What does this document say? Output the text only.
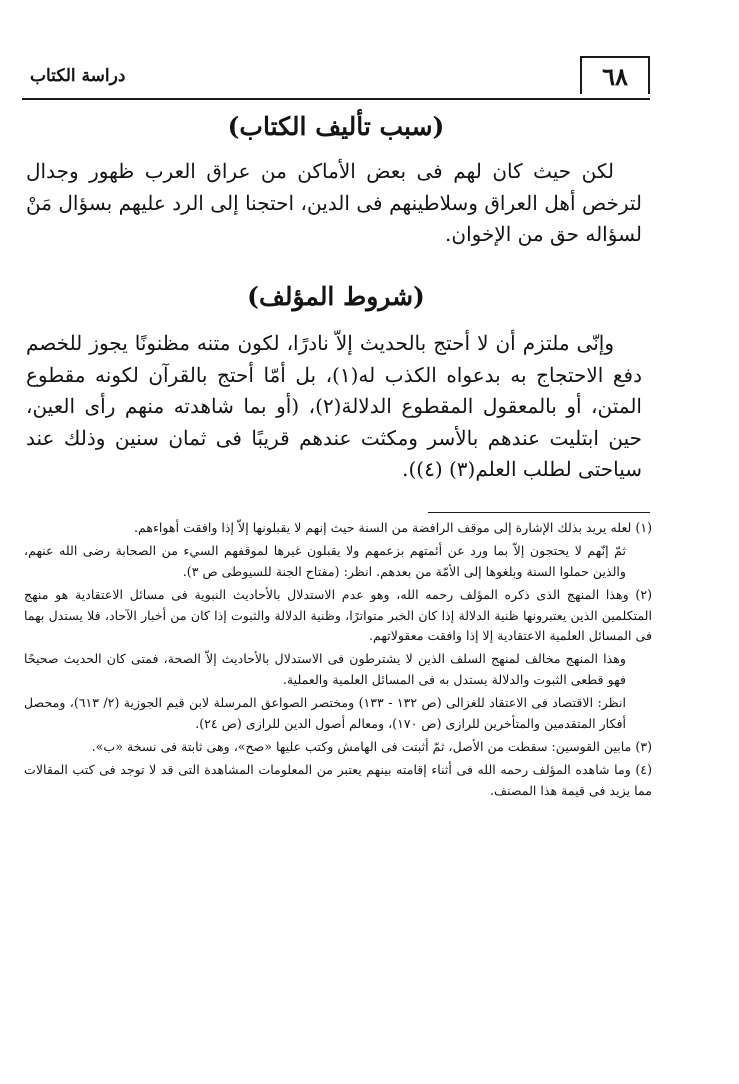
٦٨
دراسة الكتاب
(سبب تأليف الكتاب)

لكن حيث كان لهم فى بعض الأماكن من عراق العرب ظهور وجدال لترخص أهل العراق وسلاطينهم فى الدين، احتجنا إلى الرد عليهم بسؤال مَنْ لسؤاله حق من الإخوان.

(شروط المؤلف)

وإنّى ملتزم أن لا أحتج بالحديث إلاّ نادرًا، لكون متنه مظنونًا يجوز للخصم دفع الاحتجاج به بدعواه الكذب له(١)، بل أمّا أحتج بالقرآن لكونه مقطوع المتن، أو بالمعقول المقطوع الدلالة(٢)، (أو بما شاهدته منهم رأى العين، حين ابتليت عندهم بالأسر ومكثت عندهم قريبًا فى ثمان سنين وذلك عند سياحتى لطلب العلم(٣) (٤)).

(١) لعله يريد بذلك الإشارة إلى موقف الرافضة من السنة حيث إنهم لا يقبلونها إلاّ إذا وافقت أهواءهم.

ثمّ إنّهم لا يحتجون إلاّ بما ورد عن أئمتهم بزعمهم ولا يقبلون غيرها لموقفهم السيء من الصحابة رضى الله عنهم، والذين حملوا السنة وبلغوها إلى الأمّة من بعدهم. انظر: (مفتاح الجنة للسيوطى ص ٣).

(٢) وهذا المنهج الذى ذكره المؤلف رحمه الله، وهو عدم الاستدلال بالأحاديث النبوية فى مسائل الاعتقادية هو منهج المتكلمين الذين يعتبرونها ظنية الدلالة إذا كان الخبر متواترًا، وظنية الدلالة والثبوت إذا كان من أخبار الآحاد، فلا يستدل بهما فى المسائل العلمية الاعتقادية إلا إذا وافقت معقولاتهم.

وهذا المنهج مخالف لمنهج السلف الذين لا يشترطون فى الاستدلال بالأحاديث إلاّ الصحة، فمتى كان الحديث صحيحًا فهو قطعى الثبوت والدلالة يستدل به فى المسائل العلمية والعملية.

انظر: الاقتصاد فى الاعتقاد للغزالى (ص ١٣٢ - ١٣٣) ومختصر الصواعق المرسلة لابن قيم الجوزية (٢/ ٦١٣)، ومحصل أفكار المتقدمين والمتأخرين للرازى (ص ١٧٠)، ومعالم أصول الدين للرازى (ص ٢٤).

(٣) مابين القوسين: سقطت من الأصل، ثمّ أثبتت فى الهامش وكتب عليها «صح»، وهى ثابتة فى نسخة «ب».

(٤) وما شاهده المؤلف رحمه الله فى أثناء إقامته بينهم يعتبر من المعلومات المشاهدة التى قد لا توجد فى كتب المقالات مما يزيد فى قيمة هذا المصنف.
